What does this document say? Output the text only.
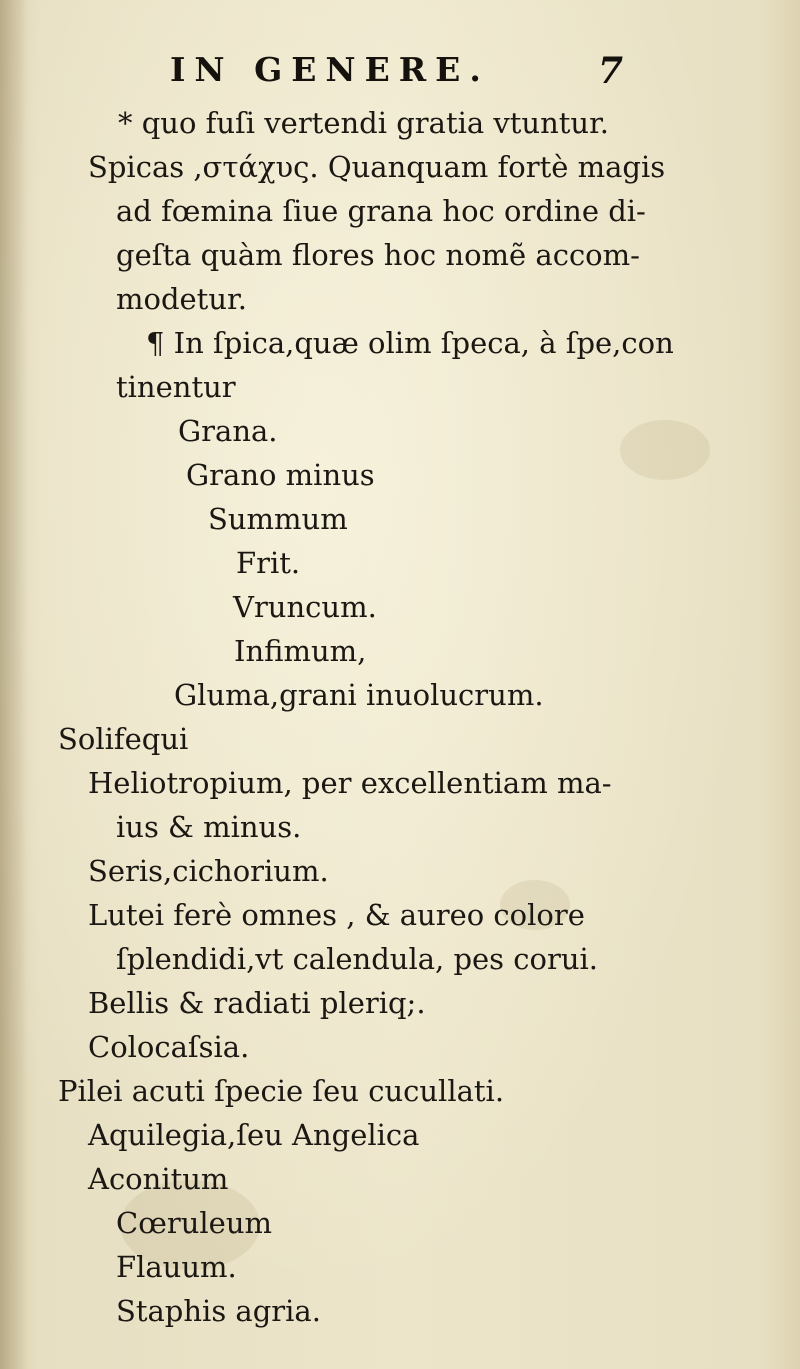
IN GENERE.	7
* quo fuſi vertendi gratia vtuntur.
Spicas ,στάχυς. Quanquam fortè magis
ad fœmina ſiue grana hoc ordine di-
geſta quàm flores hoc nomẽ accom-
modetur.
¶ In ſpica,quæ olim ſpeca, à ſpe,con
tinentur
Grana.
Grano minus
Summum
Frit.
Vruncum.
Infimum,
Gluma,grani inuolucrum.
Solifequi
Heliotropium, per excellentiam ma-
ius & minus.
Seris,cichorium.
Lutei ferè omnes , & aureo colore
ſplendidi,vt calendula, pes corui.
Bellis & radiati pleriq;.
Colocaſsia.
Pilei acuti ſpecie ſeu cucullati.
Aquilegia,ſeu Angelica
Aconitum
Cœruleum
Flauum.
Staphis agria.
